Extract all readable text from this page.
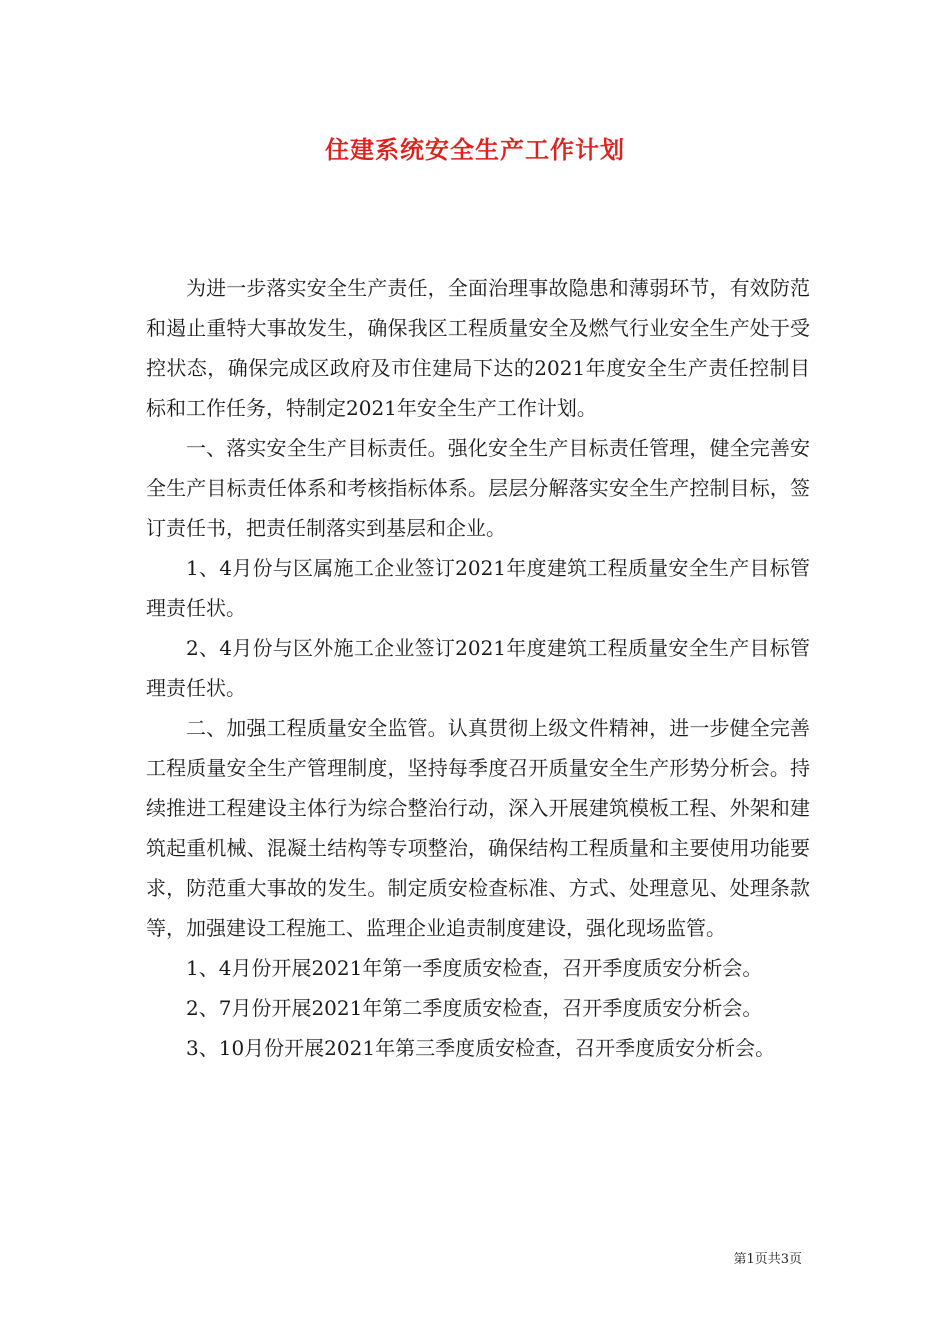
住建系统安全生产工作计划

为进一步落实安全生产责任，全面治理事故隐患和薄弱环节，有效防范和遏止重特大事故发生，确保我区工程质量安全及燃气行业安全生产处于受控状态，确保完成区政府及市住建局下达的2021年度安全生产责任控制目标和工作任务，特制定2021年安全生产工作计划。

一、落实安全生产目标责任。强化安全生产目标责任管理，健全完善安全生产目标责任体系和考核指标体系。层层分解落实安全生产控制目标，签订责任书，把责任制落实到基层和企业。

1、4月份与区属施工企业签订2021年度建筑工程质量安全生产目标管理责任状。

2、4月份与区外施工企业签订2021年度建筑工程质量安全生产目标管理责任状。

二、加强工程质量安全监管。认真贯彻上级文件精神，进一步健全完善工程质量安全生产管理制度，坚持每季度召开质量安全生产形势分析会。持续推进工程建设主体行为综合整治行动，深入开展建筑模板工程、外架和建筑起重机械、混凝土结构等专项整治，确保结构工程质量和主要使用功能要求，防范重大事故的发生。制定质安检查标准、方式、处理意见、处理条款等，加强建设工程施工、监理企业追责制度建设，强化现场监管。

1、4月份开展2021年第一季度质安检查，召开季度质安分析会。

2、7月份开展2021年第二季度质安检查，召开季度质安分析会。

3、10月份开展2021年第三季度质安检查，召开季度质安分析会。

第1页共3页
